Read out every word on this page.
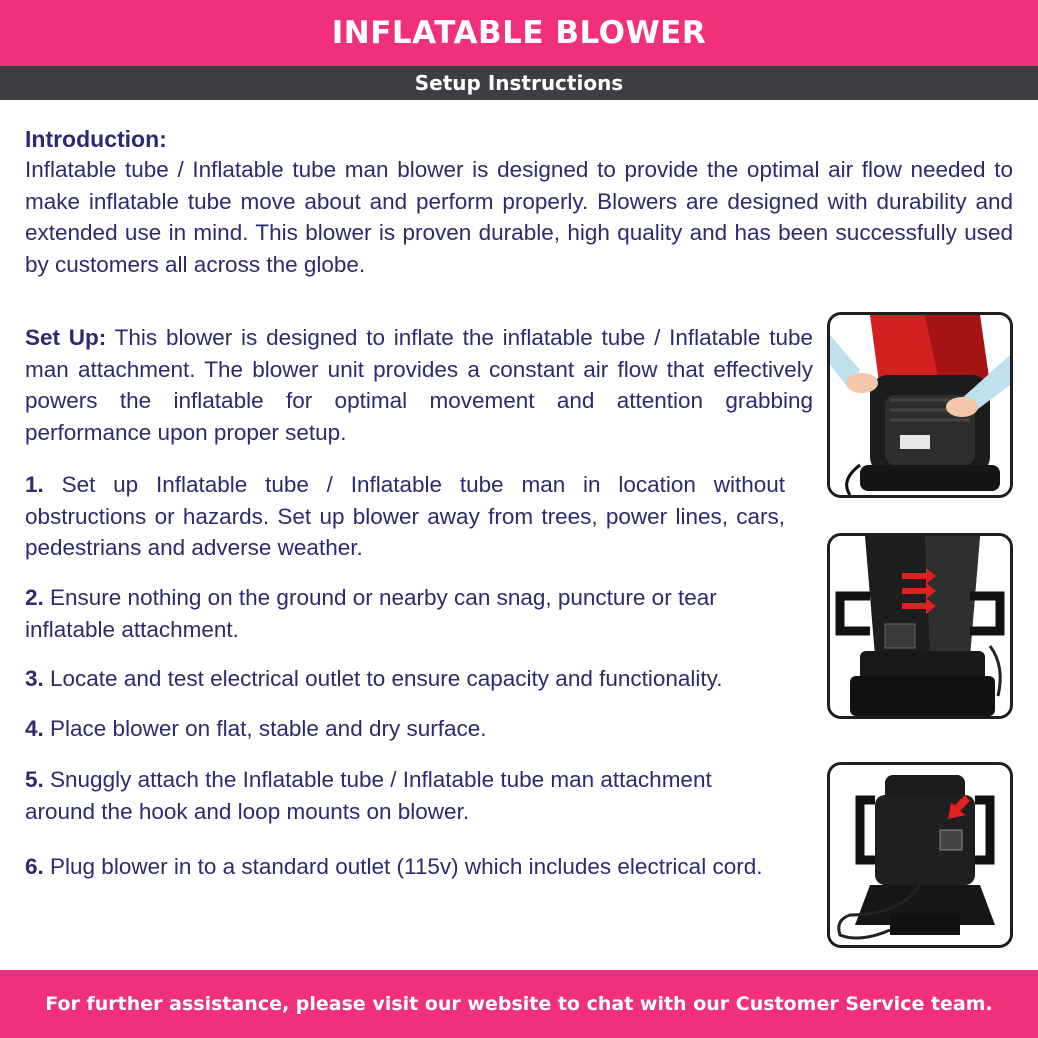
INFLATABLE BLOWER
Setup Instructions
Introduction:
Inflatable tube / Inflatable tube man blower is designed to provide the optimal air flow needed to make inflatable tube move about and perform properly. Blowers are designed with durability and extended use in mind. This blower is proven durable, high quality and has been successfully used by customers all across the globe.
Set Up: This blower is designed to inflate the inflatable tube / Inflatable tube man attachment. The blower unit provides a constant air flow that effectively powers the inflatable for optimal movement and attention grabbing performance upon proper setup.
1. Set up Inflatable tube / Inflatable tube man in location without obstructions or hazards. Set up blower away from trees, power lines, cars, pedestrians and adverse weather.
2. Ensure nothing on the ground or nearby can snag, puncture or tear inflatable attachment.
3. Locate and test electrical outlet to ensure capacity and functionality.
4. Place blower on flat, stable and dry surface.
5. Snuggly attach the Inflatable tube / Inflatable tube man attachment around the hook and loop mounts on blower.
6. Plug blower in to a standard outlet (115v) which includes electrical cord.
For further assistance, please visit our website to chat with our Customer Service team.
